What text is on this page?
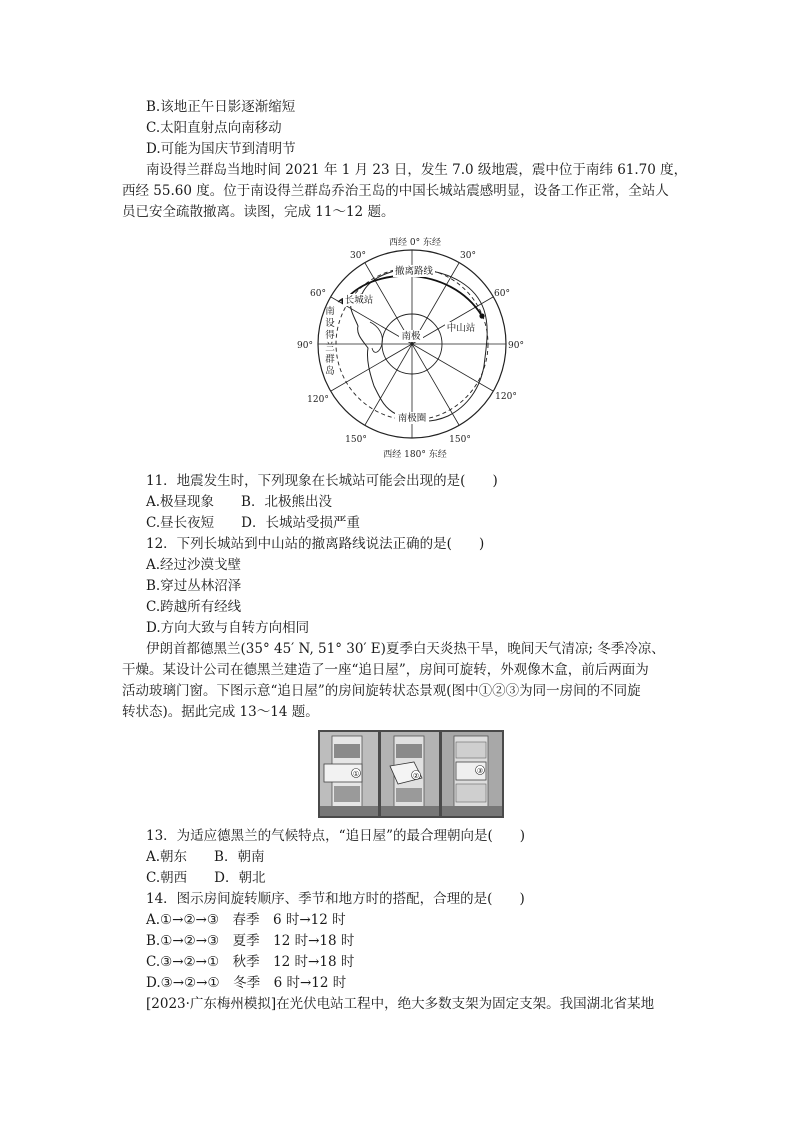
B.该地正午日影逐渐缩短
C.太阳直射点向南移动
D.可能为国庆节到清明节
南设得兰群岛当地时间 2021 年 1 月 23 日，发生 7.0 级地震，震中位于南纬 61.70 度，
西经 55.60 度。位于南设得兰群岛乔治王岛的中国长城站震感明显，设备工作正常，全站人
员已安全疏散撤离。读图，完成 11～12 题。
西经 0° 东经
西经 180° 东经
30°	30°
60°	60°
90°	90°
120°	120°
150°	150°
撤离路线
长城站
中山站
南极
南极圈
南
设
得
兰
群
岛
11．地震发生时，下列现象在长城站可能会出现的是(　　)
A.极昼现象　　B．北极熊出没
C.昼长夜短　　D．长城站受损严重
12．下列长城站到中山站的撤离路线说法正确的是(　　)
A.经过沙漠戈壁
B.穿过丛林沼泽
C.跨越所有经线
D.方向大致与自转方向相同
伊朗首都德黑兰(35° 45′ N, 51° 30′ E)夏季白天炎热干旱，晚间天气清凉; 冬季冷凉、
干燥。某设计公司在德黑兰建造了一座“追日屋”，房间可旋转，外观像木盒，前后两面为
活动玻璃门窗。下图示意“追日屋”的房间旋转状态景观(图中①②③为同一房间的不同旋
转状态)。据此完成 13～14 题。
①	②
③
13．为适应德黑兰的气候特点，“追日屋”的最合理朝向是(　　)
A.朝东　　B．朝南
C.朝西　　D．朝北
14．图示房间旋转顺序、季节和地方时的搭配，合理的是(　　)
A.①→②→③　春季　6 时→12 时
B.①→②→③　夏季　12 时→18 时
C.③→②→①　秋季　12 时→18 时
D.③→②→①　冬季　6 时→12 时
[2023·广东梅州模拟]在光伏电站工程中，绝大多数支架为固定支架。我国湖北省某地
